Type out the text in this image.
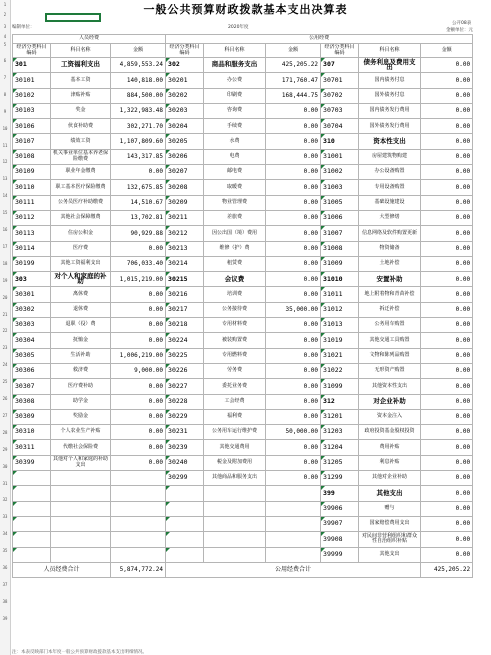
1
2
3
4
5
6
7
8
9
10
11
12
13
14
15
16
17
18
19
20
21
22
23
24
25
26
27
28
29
30
31
32
33
34
35
36
37
38
39
一般公共预算财政拨款基本支出决算表
编制单位：	2020年度
公开08表
金额单位：元
人员经费			公用经费					
经济分类科目编码	科目名称	金额	经济分类科目编码	科目名称	金额	经济分类科目编码	科目名称	金额
301	工资福利支出	4,859,553.24	302	商品和服务支出	425,205.22	307	债务利息及费用支出	0.00
30101	基本工资	140,818.00	30201	办公费	171,760.47	30701	国内债务付息	0.00
30102	津贴补贴	884,500.00	30202	印刷费	168,444.75	30702	国外债务付息	0.00
30103	奖金	1,322,983.48	30203	咨询费	0.00	30703	国内债务发行费用	0.00
30106	伙食补助费	302,271.70	30204	手续费	0.00	30704	国外债务发行费用	0.00
30107	绩效工资	1,107,809.60	30205	水费	0.00	310	资本性支出	0.00
30108	机关事业单位基本养老保险缴费	143,317.85	30206	电费	0.00	31001	房屋建筑物购建	0.00
30109	职业年金缴费	0.00	30207	邮电费	0.00	31002	办公设备购置	0.00
30110	职工基本医疗保险缴费	132,675.85	30208	取暖费	0.00	31003	专用设备购置	0.00
30111	公务员医疗补助缴费	14,510.67	30209	物业管理费	0.00	31005	基础设施建设	0.00
30112	其他社会保障缴费	13,702.81	30211	差旅费	0.00	31006	大型修缮	0.00
30113	住房公积金	90,929.88	30212	因公出国（境）费用	0.00	31007	信息网络及软件购置更新	0.00
30114	医疗费	0.00	30213	维修（护）费	0.00	31008	物资储备	0.00
30199	其他工资福利支出	706,033.40	30214	租赁费	0.00	31009	土地补偿	0.00
303	对个人和家庭的补助	1,015,219.00	30215	会议费	0.00	31010	安置补助	0.00
30301	离休费	0.00	30216	培训费	0.00	31011	地上附着物和青苗补偿	0.00
30302	退休费	0.00	30217	公务接待费	35,000.00	31012	拆迁补偿	0.00
30303	退职（役）费	0.00	30218	专用材料费	0.00	31013	公务用车购置	0.00
30304	抚恤金	0.00	30224	被装购置费	0.00	31019	其他交通工具购置	0.00
30305	生活补助	1,006,219.00	30225	专用燃料费	0.00	31021	文物和陈列品购置	0.00
30306	救济费	9,000.00	30226	劳务费	0.00	31022	无形资产购置	0.00
30307	医疗费补助	0.00	30227	委托业务费	0.00	31099	其他资本性支出	0.00
30308	助学金	0.00	30228	工会经费	0.00	312	对企业补助	0.00
30309	奖励金	0.00	30229	福利费	0.00	31201	资本金注入	0.00
30310	个人农业生产补贴	0.00	30231	公务用车运行维护费	50,000.00	31203	政府投资基金股权投资	0.00
30311	代缴社会保险费	0.00	30239	其他交通费用	0.00	31204	费用补贴	0.00
30399	其他对个人和家庭的补助支出	0.00	30240	税金及附加费用	0.00	31205	利息补贴	0.00
			30299	其他商品和服务支出	0.00	31299	其他对企业补助	0.00
						399	其他支出	0.00
						39906	赠与	0.00
						39907	国家赔偿费用支出	0.00
						39908	对民间非营利组织和群众性自治组织补贴	0.00
						39999	其他支出	0.00
人员经费合计		5,874,772.24	公用经费合计					425,205.22
注：本表反映部门本年度一般公共预算财政拨款基本支出明细情况。
